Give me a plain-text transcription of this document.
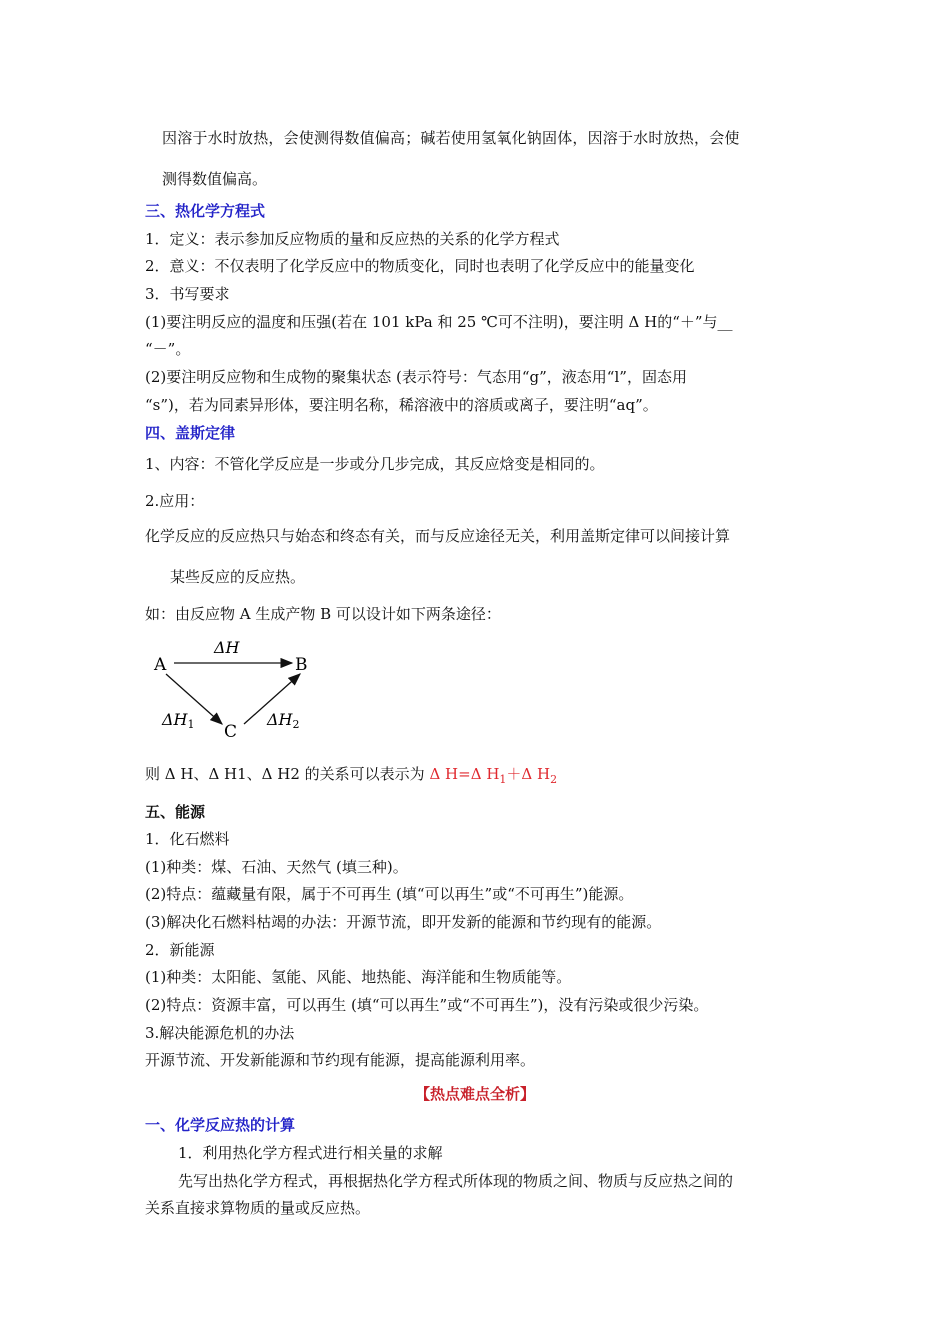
因溶于水时放热，会使测得数值偏高；碱若使用氢氧化钠固体，因溶于水时放热，会使
测得数值偏高。
三、热化学方程式
1．定义：表示参加反应物质的量和反应热的关系的化学方程式
2．意义：不仅表明了化学反应中的物质变化，同时也表明了化学反应中的能量变化
3．书写要求
(1)要注明反应的温度和压强(若在 101 kPa 和 25 ℃可不注明)，要注明 Δ H的“＋”与__
“－”。
(2)要注明反应物和生成物的聚集状态 (表示符号：气态用“g”，液态用“l”，固态用
“s”)，若为同素异形体，要注明名称，稀溶液中的溶质或离子，要注明“aq”。
四、盖斯定律
1、内容：不管化学反应是一步或分几步完成，其反应焓变是相同的。
2.应用：
化学反应的反应热只与始态和终态有关，而与反应途径无关，利用盖斯定律可以间接计算
某些反应的反应热。
如：由反应物 A 生成产物 B 可以设计如下两条途径：
A	B
C
ΔH
ΔH1	ΔH2
则 Δ H、Δ H1、Δ H2 的关系可以表示为 Δ H=Δ $H_1+\Delta$ $H_2$
五、能源
1．化石燃料
(1)种类：煤、石油、天然气 (填三种)。
(2)特点：蕴藏量有限，属于不可再生 (填“可以再生”或“不可再生”)能源。
(3)解决化石燃料枯竭的办法：开源节流，即开发新的能源和节约现有的能源。
2．新能源
(1)种类：太阳能、氢能、风能、地热能、海洋能和生物质能等。
(2)特点：资源丰富，可以再生 (填“可以再生”或“不可再生”)，没有污染或很少污染。
3.解决能源危机的办法
开源节流、开发新能源和节约现有能源，提高能源利用率。
【热点难点全析】
一、化学反应热的计算
1．利用热化学方程式进行相关量的求解
先写出热化学方程式，再根据热化学方程式所体现的物质之间、物质与反应热之间的
关系直接求算物质的量或反应热。
